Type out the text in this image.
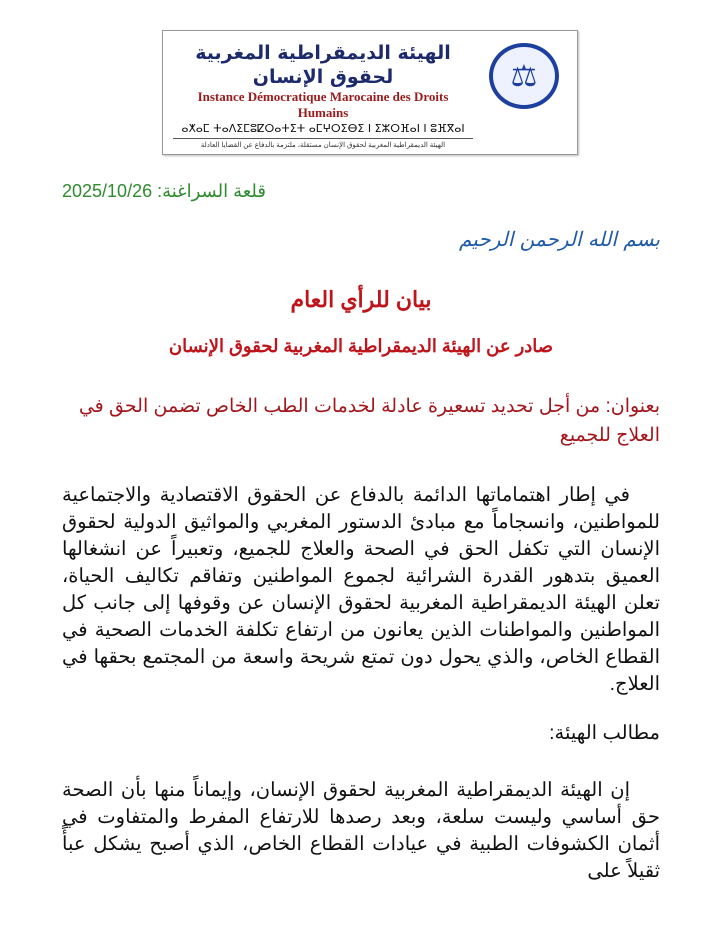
⚖
الهيئة الديمقراطية المغربية لحقوق الإنسان
Instance Démocratique Marocaine des Droits Humains
ⴰⵅⴰⵎ ⵜⴰⴷⵉⵎⵓⵇⵔⴰⵜⵉⵜ ⴰⵎⵖⵔⵉⴱⵉ ⵏ ⵉⵣⵔⴼⴰⵏ ⵏ ⵓⴼⴳⴰⵏ
الهيئة الديمقراطية المغربية لحقوق الإنسان مستقلة، ملتزمة بالدفاع عن القضايا العادلة
قلعة السراغنة: 2025/10/26
بسم الله الرحمن الرحيم
بيان للرأي العام
صادر عن الهيئة الديمقراطية المغربية لحقوق الإنسان
بعنوان: من أجل تحديد تسعيرة عادلة لخدمات الطب الخاص تضمن الحق في العلاج للجميع
في إطار اهتماماتها الدائمة بالدفاع عن الحقوق الاقتصادية والاجتماعية للمواطنين، وانسجاماً مع مبادئ الدستور المغربي والمواثيق الدولية لحقوق الإنسان التي تكفل الحق في الصحة والعلاج للجميع، وتعبيراً عن انشغالها العميق بتدهور القدرة الشرائية لجموع المواطنين وتفاقم تكاليف الحياة، تعلن الهيئة الديمقراطية المغربية لحقوق الإنسان عن وقوفها إلى جانب كل المواطنين والمواطنات الذين يعانون من ارتفاع تكلفة الخدمات الصحية في القطاع الخاص، والذي يحول دون تمتع شريحة واسعة من المجتمع بحقها في العلاج.
مطالب الهيئة:
إن الهيئة الديمقراطية المغربية لحقوق الإنسان، وإيماناً منها بأن الصحة حق أساسي وليست سلعة، وبعد رصدها للارتفاع المفرط والمتفاوت في أثمان الكشوفات الطبية في عيادات القطاع الخاص، الذي أصبح يشكل عبأً ثقيلاً على
